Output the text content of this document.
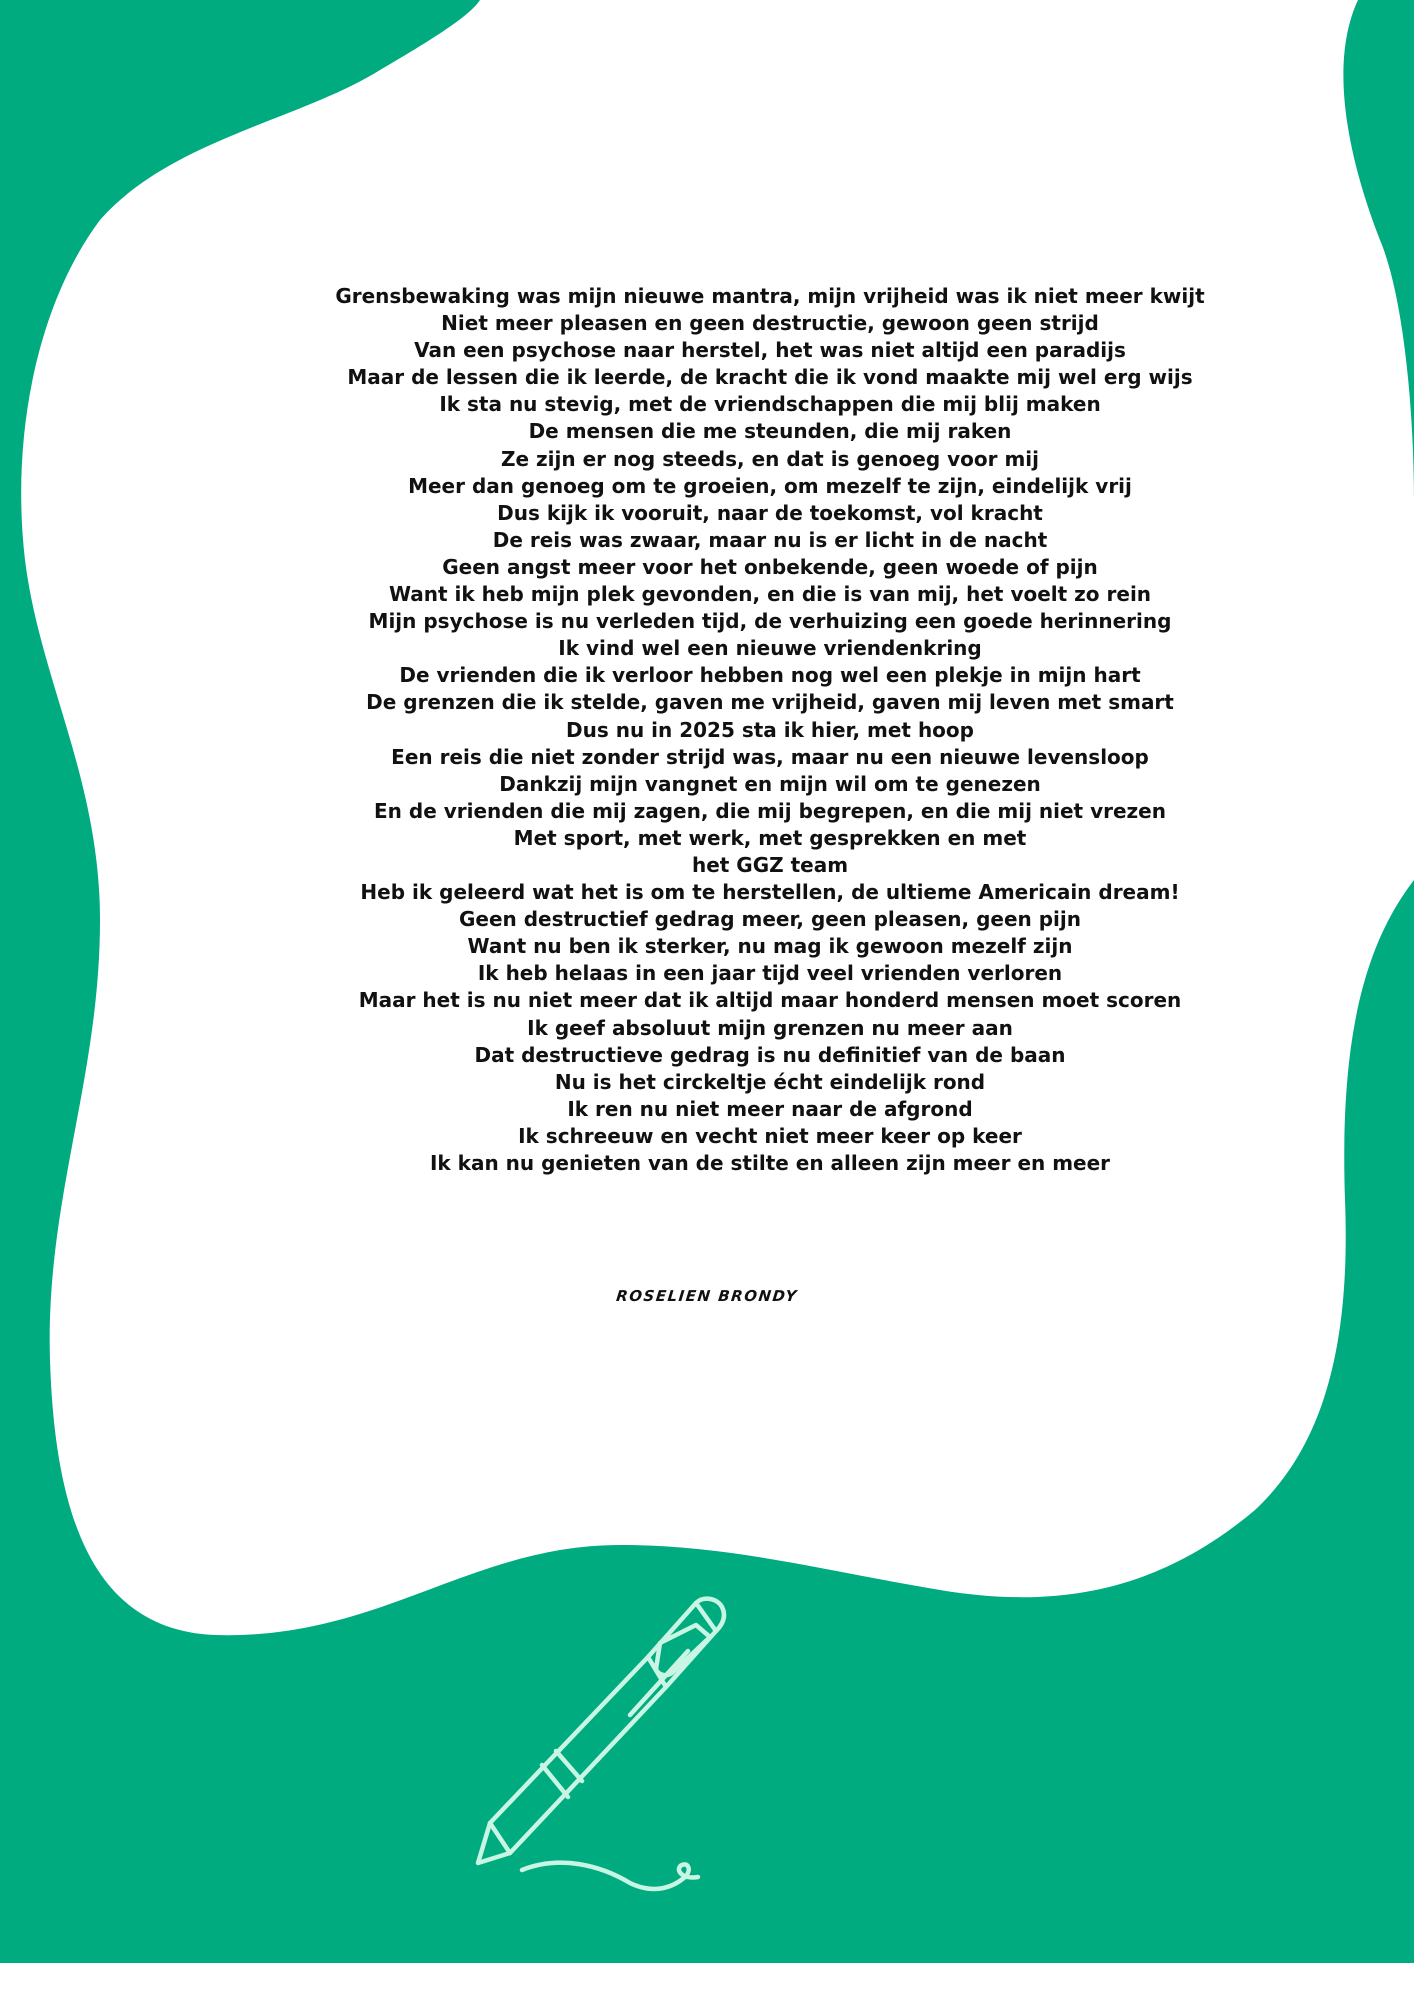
Grensbewaking was mijn nieuwe mantra, mijn vrijheid was ik niet meer kwijt
Niet meer pleasen en geen destructie, gewoon geen strijd
Van een psychose naar herstel, het was niet altijd een paradijs
Maar de lessen die ik leerde, de kracht die ik vond maakte mij wel erg wijs
Ik sta nu stevig, met de vriendschappen die mij blij maken
De mensen die me steunden, die mij raken
Ze zijn er nog steeds, en dat is genoeg voor mij
Meer dan genoeg om te groeien, om mezelf te zijn, eindelijk vrij
Dus kijk ik vooruit, naar de toekomst, vol kracht
De reis was zwaar, maar nu is er licht in de nacht
Geen angst meer voor het onbekende, geen woede of pijn
Want ik heb mijn plek gevonden, en die is van mij, het voelt zo rein
Mijn psychose is nu verleden tijd, de verhuizing een goede herinnering
Ik vind wel een nieuwe vriendenkring
De vrienden die ik verloor hebben nog wel een plekje in mijn hart
De grenzen die ik stelde, gaven me vrijheid, gaven mij leven met smart
Dus nu in 2025 sta ik hier, met hoop
Een reis die niet zonder strijd was, maar nu een nieuwe levensloop
Dankzij mijn vangnet en mijn wil om te genezen
En de vrienden die mij zagen, die mij begrepen, en die mij niet vrezen
Met sport, met werk, met gesprekken en met
het GGZ team
Heb ik geleerd wat het is om te herstellen, de ultieme Americain dream!
Geen destructief gedrag meer, geen pleasen, geen pijn
Want nu ben ik sterker, nu mag ik gewoon mezelf zijn
Ik heb helaas in een jaar tijd veel vrienden verloren
Maar het is nu niet meer dat ik altijd maar honderd mensen moet scoren
Ik geef absoluut mijn grenzen nu meer aan
Dat destructieve gedrag is nu definitief van de baan
Nu is het circkeltje écht eindelijk rond
Ik ren nu niet meer naar de afgrond
Ik schreeuw en vecht niet meer keer op keer
Ik kan nu genieten van de stilte en alleen zijn meer en meer
ROSELIEN BRONDY
